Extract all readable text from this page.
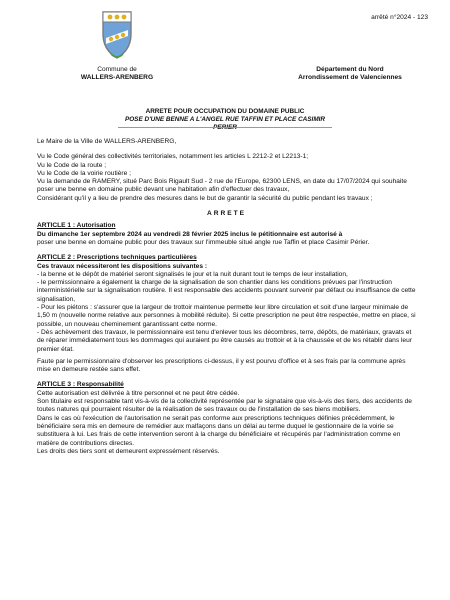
arrêté n°2024 - 123
Commune de
WALLERS-ARENBERG
Département du Nord
Arrondissement de Valenciennes
ARRETE POUR OCCUPATION DU DOMAINE PUBLIC
POSE D'UNE BENNE A L'ANGEL RUE TAFFIN ET PLACE CASIMIR PERIER

Le Maire de la Ville de WALLERS-ARENBERG,

Vu le Code général des collectivités territoriales, notamment les articles L 2212-2 et L2213-1;

Vu le Code de la route ;

Vu le Code de la voirie routière ;

Vu la demande de RAMERY, situé Parc Bois Rigault Sud - 2 rue de l'Europe, 62300 LENS, en date du 17/07/2024 qui souhaite poser une benne en domaine public devant une habitation afin d'effectuer des travaux,

Considérant qu'il y a lieu de prendre des mesures dans le but de garantir la sécurité du public pendant les travaux ;

ARRETE

ARTICLE 1 : Autorisation

Du dimanche 1er septembre 2024 au vendredi 28 février 2025 inclus le pétitionnaire est autorisé à

poser une benne en domaine public pour des travaux sur l'immeuble situé angle rue Taffin et place Casimir Périer.

ARTICLE 2 : Prescriptions techniques particulières

Ces travaux nécessiteront les dispositions suivantes :

- la benne et le dépôt de matériel seront signalisés le jour et la nuit durant tout le temps de leur installation,

- le permissionnaire a également la charge de la signalisation de son chantier dans les conditions prévues par l'instruction interministérielle sur la signalisation routière. Il est responsable des accidents pouvant survenir par défaut ou insuffisance de cette signalisation,

- Pour les piétons : s'assurer que la largeur de trottoir maintenue permette leur libre circulation et soit d'une largeur minimale de 1,50 m (nouvelle norme relative aux personnes à mobilité réduite). Si cette prescription ne peut être respectée, mettre en place, si possible, un nouveau cheminement garantissant cette norme.

- Dès achèvement des travaux, le permissionnaire est tenu d'enlever tous les décombres, terre, dépôts, de matériaux, gravats et de réparer immédiatement tous les dommages qui auraient pu être causés au trottoir et à la chaussée et de les rétablir dans leur premier état.

Faute par le permissionnaire d'observer les prescriptions ci-dessus, il y est pourvu d'office et à ses frais par la commune après mise en demeure restée sans effet.

ARTICLE 3 : Responsabilité

Cette autorisation est délivrée à titre personnel et ne peut être cédée.

Son titulaire est responsable tant vis-à-vis de la collectivité représentée par le signataire que vis-à-vis des tiers, des accidents de toutes natures qui pourraient résulter de la réalisation de ses travaux ou de l'installation de ses biens mobiliers.

Dans le cas où l'exécution de l'autorisation ne serait pas conforme aux prescriptions techniques définies précédemment, le bénéficiaire sera mis en demeure de remédier aux malfaçons dans un délai au terme duquel le gestionnaire de la voirie se substituera à lui. Les frais de cette intervention seront à la charge du bénéficiaire et récupérés par l'administration comme en matière de contributions directes.

Les droits des tiers sont et demeurent expressément réservés.
